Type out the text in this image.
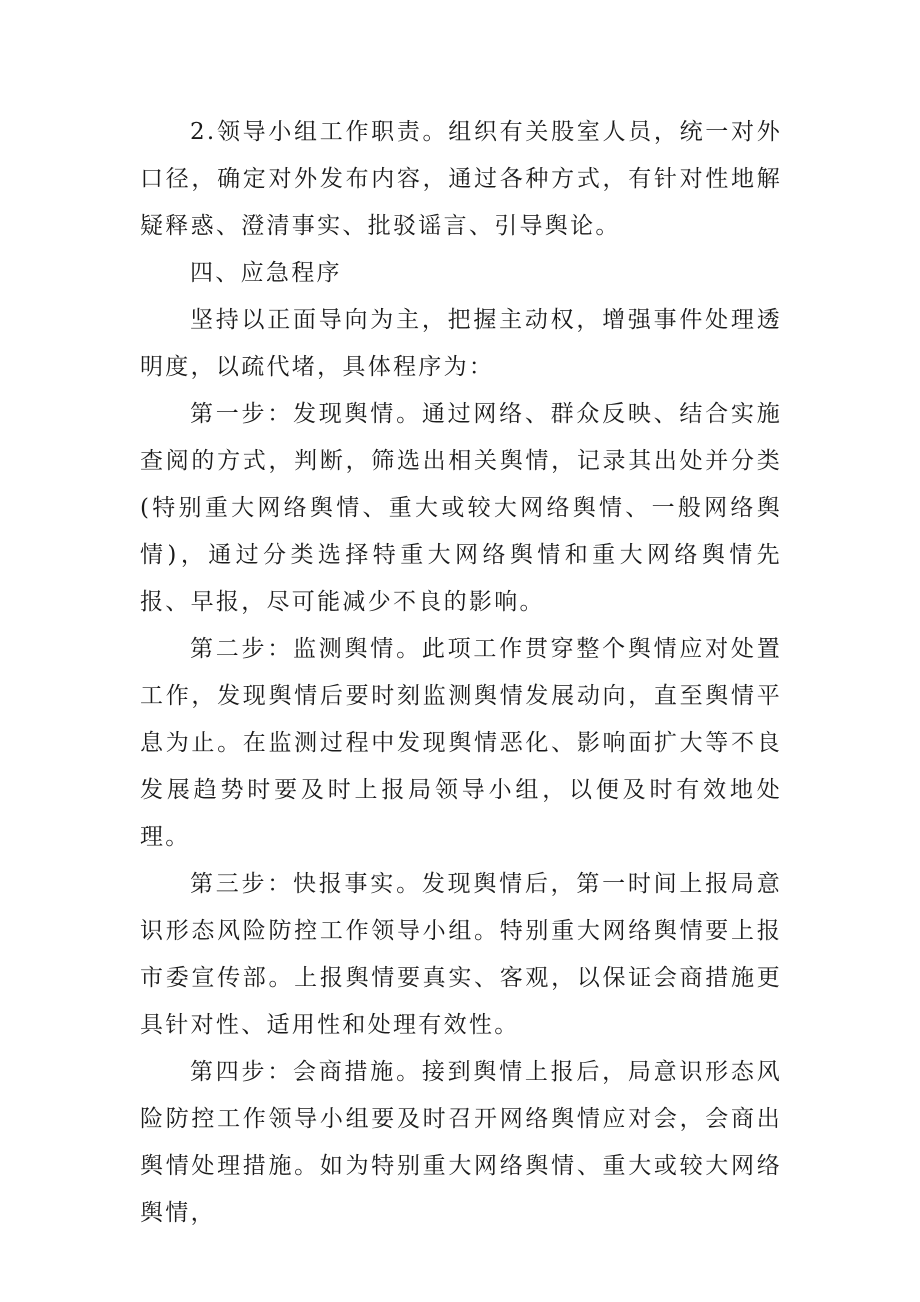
2.领导小组工作职责。组织有关股室人员，统一对外口径，确定对外发布内容，通过各种方式，有针对性地解疑释惑、澄清事实、批驳谣言、引导舆论。

四、应急程序

坚持以正面导向为主，把握主动权，增强事件处理透明度，以疏代堵，具体程序为：

第一步：发现舆情。通过网络、群众反映、结合实施查阅的方式，判断，筛选出相关舆情，记录其出处并分类(特别重大网络舆情、重大或较大网络舆情、一般网络舆情)，通过分类选择特重大网络舆情和重大网络舆情先报、早报，尽可能减少不良的影响。

第二步：监测舆情。此项工作贯穿整个舆情应对处置工作，发现舆情后要时刻监测舆情发展动向，直至舆情平息为止。在监测过程中发现舆情恶化、影响面扩大等不良发展趋势时要及时上报局领导小组，以便及时有效地处理。

第三步：快报事实。发现舆情后，第一时间上报局意识形态风险防控工作领导小组。特别重大网络舆情要上报市委宣传部。上报舆情要真实、客观，以保证会商措施更具针对性、适用性和处理有效性。

第四步：会商措施。接到舆情上报后，局意识形态风险防控工作领导小组要及时召开网络舆情应对会，会商出舆情处理措施。如为特别重大网络舆情、重大或较大网络舆情，
